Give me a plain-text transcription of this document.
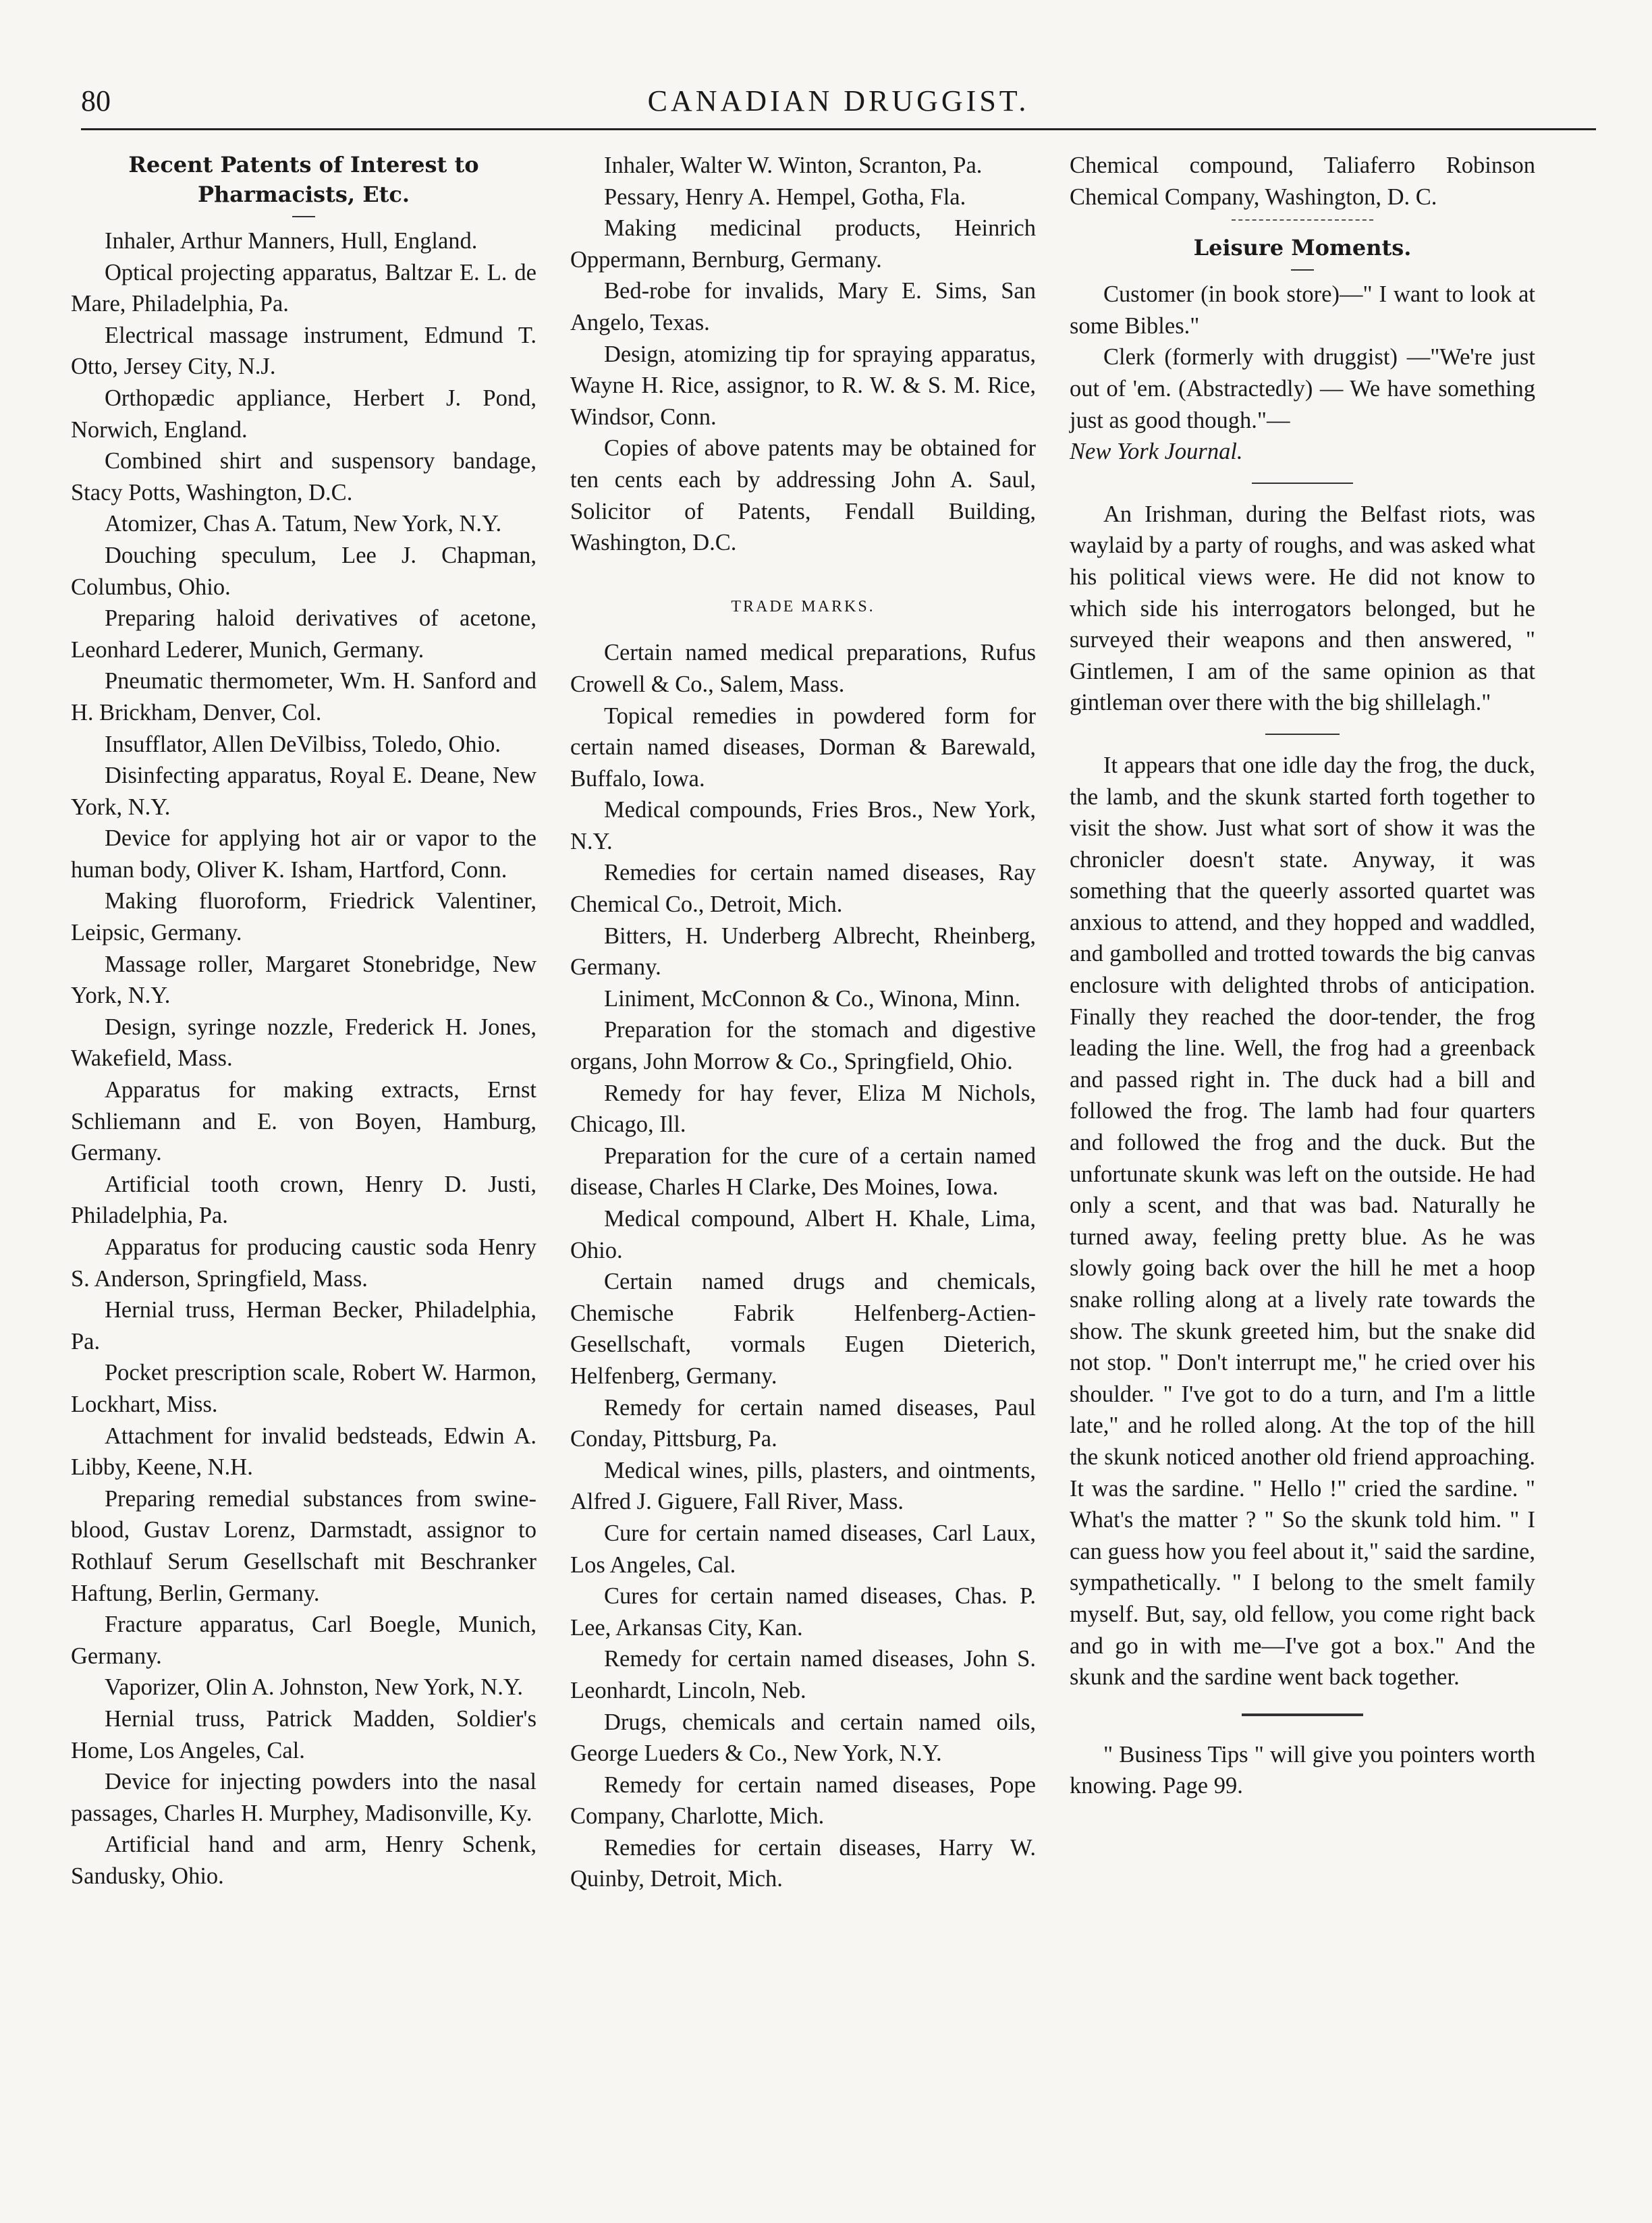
80	CANADIAN DRUGGIST.
Recent Patents of Interest to Pharmacists, Etc.

Inhaler, Arthur Manners, Hull, England.

Optical projecting apparatus, Baltzar E. L. de Mare, Philadelphia, Pa.

Electrical massage instrument, Edmund T. Otto, Jersey City, N.J.

Orthopædic appliance, Herbert J. Pond, Norwich, England.

Combined shirt and suspensory bandage, Stacy Potts, Washington, D.C.

Atomizer, Chas A. Tatum, New York, N.Y.

Douching speculum, Lee J. Chapman, Columbus, Ohio.

Preparing haloid derivatives of acetone, Leonhard Lederer, Munich, Germany.

Pneumatic thermometer, Wm. H. Sanford and H. Brickham, Denver, Col.

Insufflator, Allen DeVilbiss, Toledo, Ohio.

Disinfecting apparatus, Royal E. Deane, New York, N.Y.

Device for applying hot air or vapor to the human body, Oliver K. Isham, Hartford, Conn.

Making fluoroform, Friedrick Valentiner, Leipsic, Germany.

Massage roller, Margaret Stonebridge, New York, N.Y.

Design, syringe nozzle, Frederick H. Jones, Wakefield, Mass.

Apparatus for making extracts, Ernst Schliemann and E. von Boyen, Hamburg, Germany.

Artificial tooth crown, Henry D. Justi, Philadelphia, Pa.

Apparatus for producing caustic soda Henry S. Anderson, Springfield, Mass.

Hernial truss, Herman Becker, Philadelphia, Pa.

Pocket prescription scale, Robert W. Harmon, Lockhart, Miss.

Attachment for invalid bedsteads, Edwin A. Libby, Keene, N.H.

Preparing remedial substances from swine-blood, Gustav Lorenz, Darmstadt, assignor to Rothlauf Serum Gesellschaft mit Beschranker Haftung, Berlin, Germany.

Fracture apparatus, Carl Boegle, Munich, Germany.

Vaporizer, Olin A. Johnston, New York, N.Y.

Hernial truss, Patrick Madden, Soldier's Home, Los Angeles, Cal.

Device for injecting powders into the nasal passages, Charles H. Murphey, Madisonville, Ky.

Artificial hand and arm, Henry Schenk, Sandusky, Ohio.

Inhaler, Walter W. Winton, Scranton, Pa.

Pessary, Henry A. Hempel, Gotha, Fla.

Making medicinal products, Heinrich Oppermann, Bernburg, Germany.

Bed-robe for invalids, Mary E. Sims, San Angelo, Texas.

Design, atomizing tip for spraying apparatus, Wayne H. Rice, assignor, to R. W. & S. M. Rice, Windsor, Conn.

Copies of above patents may be obtained for ten cents each by addressing John A. Saul, Solicitor of Patents, Fendall Building, Washington, D.C.

TRADE MARKS.

Certain named medical preparations, Rufus Crowell & Co., Salem, Mass.

Topical remedies in powdered form for certain named diseases, Dorman & Barewald, Buffalo, Iowa.

Medical compounds, Fries Bros., New York, N.Y.

Remedies for certain named diseases, Ray Chemical Co., Detroit, Mich.

Bitters, H. Underberg Albrecht, Rheinberg, Germany.

Liniment, McConnon & Co., Winona, Minn.

Preparation for the stomach and digestive organs, John Morrow & Co., Springfield, Ohio.

Remedy for hay fever, Eliza M Nichols, Chicago, Ill.

Preparation for the cure of a certain named disease, Charles H Clarke, Des Moines, Iowa.

Medical compound, Albert H. Khale, Lima, Ohio.

Certain named drugs and chemicals, Chemische Fabrik Helfenberg-Actien-Gesellschaft, vormals Eugen Dieterich, Helfenberg, Germany.

Remedy for certain named diseases, Paul Conday, Pittsburg, Pa.

Medical wines, pills, plasters, and ointments, Alfred J. Giguere, Fall River, Mass.

Cure for certain named diseases, Carl Laux, Los Angeles, Cal.

Cures for certain named diseases, Chas. P. Lee, Arkansas City, Kan.

Remedy for certain named diseases, John S. Leonhardt, Lincoln, Neb.

Drugs, chemicals and certain named oils, George Lueders & Co., New York, N.Y.

Remedy for certain named diseases, Pope Company, Charlotte, Mich.

Remedies for certain diseases, Harry W. Quinby, Detroit, Mich.

Chemical compound, Taliaferro Robinson Chemical Company, Washington, D. C.

Leisure Moments.

Customer (in book store)—" I want to look at some Bibles."

Clerk (formerly with druggist) —"We're just out of 'em. (Abstractedly) — We have something just as good though."—

New York Journal.

An Irishman, during the Belfast riots, was waylaid by a party of roughs, and was asked what his political views were. He did not know to which side his interrogators belonged, but he surveyed their weapons and then answered, " Gintlemen, I am of the same opinion as that gintleman over there with the big shillelagh."

It appears that one idle day the frog, the duck, the lamb, and the skunk started forth together to visit the show. Just what sort of show it was the chronicler doesn't state. Anyway, it was something that the queerly assorted quartet was anxious to attend, and they hopped and waddled, and gambolled and trotted towards the big canvas enclosure with delighted throbs of anticipation. Finally they reached the door-tender, the frog leading the line. Well, the frog had a greenback and passed right in. The duck had a bill and followed the frog. The lamb had four quarters and followed the frog and the duck. But the unfortunate skunk was left on the outside. He had only a scent, and that was bad. Naturally he turned away, feeling pretty blue. As he was slowly going back over the hill he met a hoop snake rolling along at a lively rate towards the show. The skunk greeted him, but the snake did not stop. " Don't interrupt me," he cried over his shoulder. " I've got to do a turn, and I'm a little late," and he rolled along. At the top of the hill the skunk noticed another old friend approaching. It was the sardine. " Hello !" cried the sardine. " What's the matter ? " So the skunk told him. " I can guess how you feel about it," said the sardine, sympathetically. " I belong to the smelt family myself. But, say, old fellow, you come right back and go in with me—I've got a box." And the skunk and the sardine went back together.

" Business Tips " will give you pointers worth knowing. Page 99.
